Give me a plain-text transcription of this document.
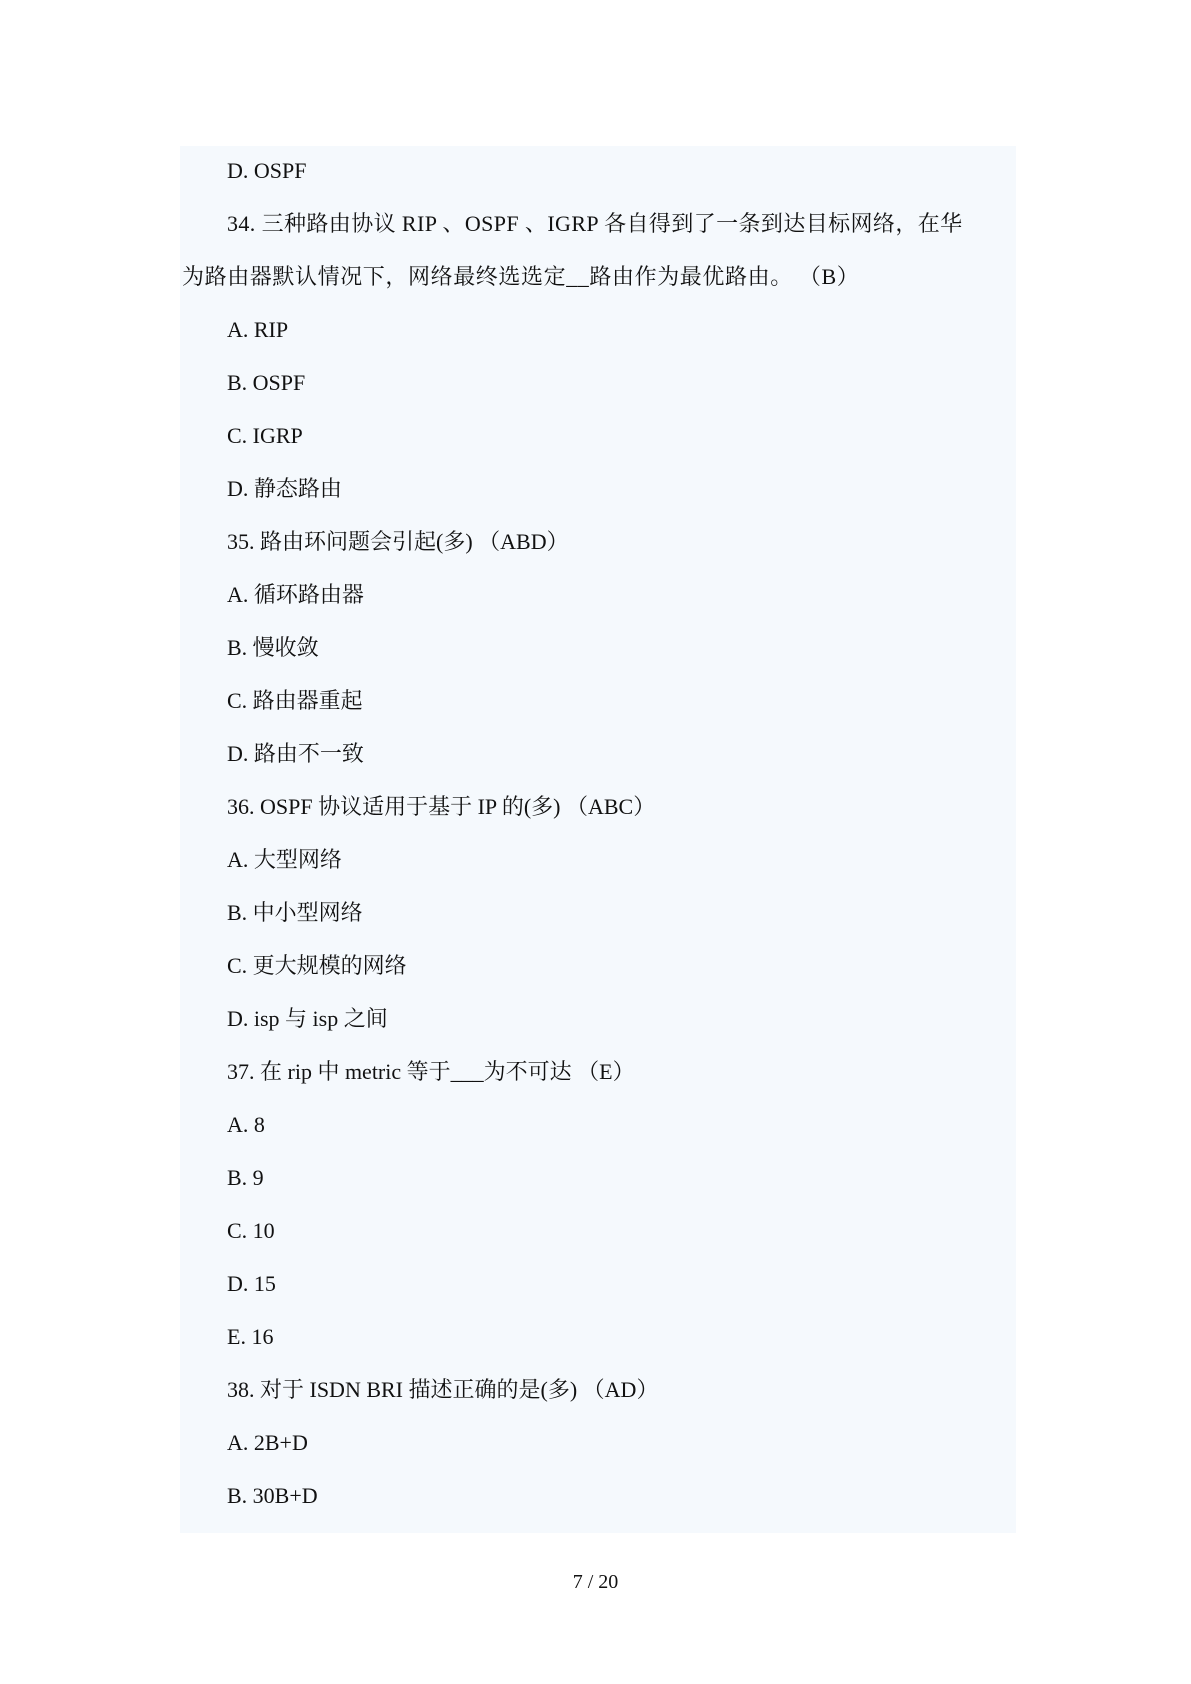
D. OSPF
34. 三种路由协议 RIP 、OSPF 、IGRP 各自得到了一条到达目标网络，在华
为路由器默认情况下，网络最终选选定__路由作为最优路由。 （B）
A. RIP
B. OSPF
C. IGRP
D. 静态路由
35. 路由环问题会引起(多) （ABD）
A. 循环路由器
B. 慢收敛
C. 路由器重起
D. 路由不一致
36. OSPF 协议适用于基于 IP 的(多) （ABC）
A. 大型网络
B. 中小型网络
C. 更大规模的网络
D. isp 与 isp 之间
37. 在 rip 中 metric 等于___为不可达 （E）
A. 8
B. 9
C. 10
D. 15
E. 16
38. 对于 ISDN BRI 描述正确的是(多) （AD）
A. 2B+D
B. 30B+D
7 / 20
